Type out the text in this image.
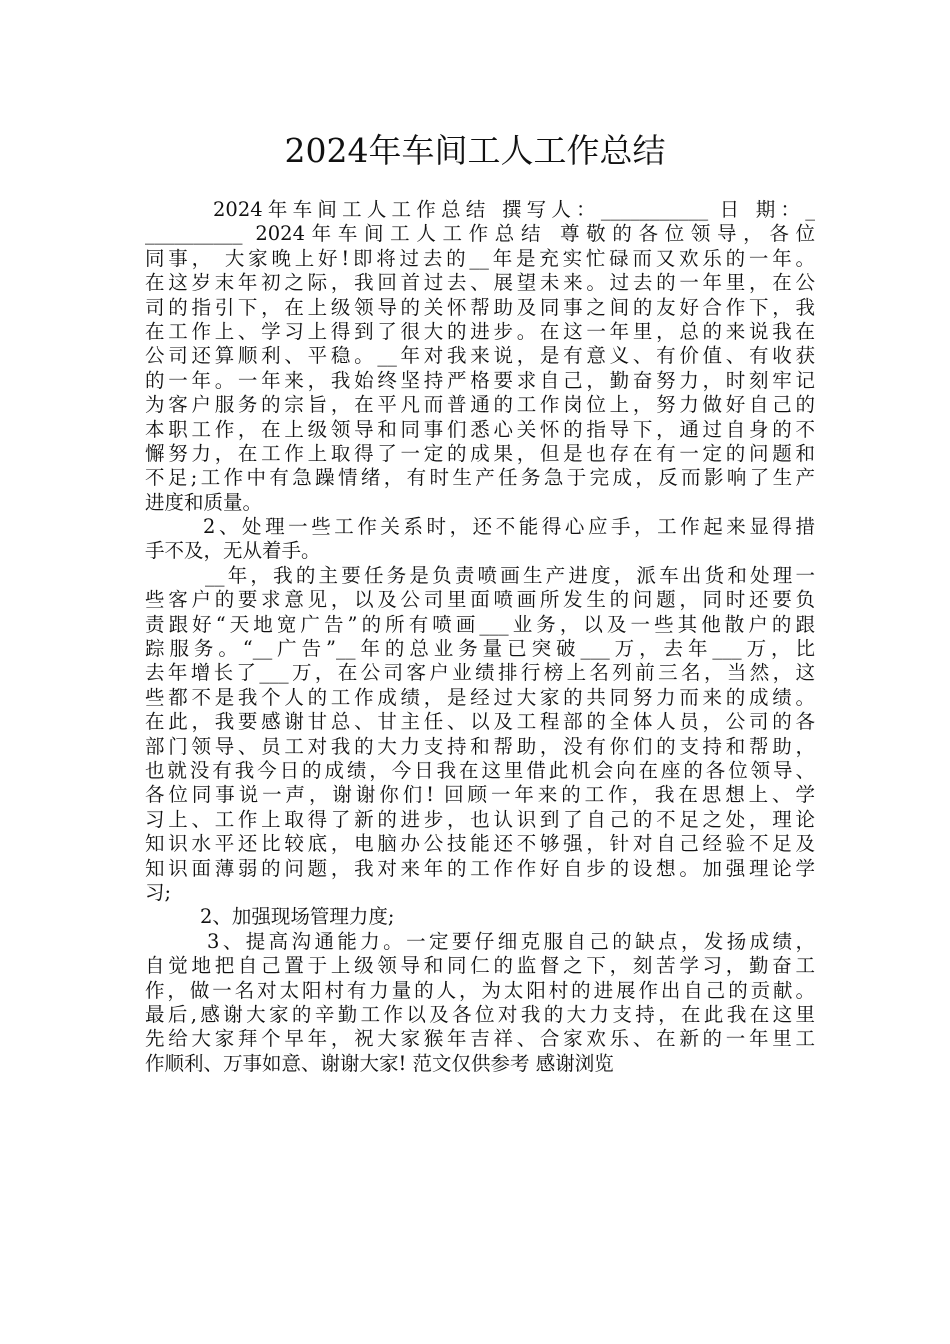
2024年车间工人工作总结
2024年车间工人工作总结 撰写人：___________ 日 期：_
__________ 2024年车间工人工作总结 尊敬的各位领导，各位
同事， 大家晚上好!即将过去的__年是充实忙碌而又欢乐的一年。
在这岁末年初之际，我回首过去、展望未来。过去的一年里，在公
司的指引下，在上级领导的关怀帮助及同事之间的友好合作下，我
在工作上、学习上得到了很大的进步。在这一年里，总的来说我在
公司还算顺利、平稳。__年对我来说，是有意义、有价值、有收获
的一年。一年来，我始终坚持严格要求自己，勤奋努力，时刻牢记
为客户服务的宗旨，在平凡而普通的工作岗位上，努力做好自己的
本职工作，在上级领导和同事们悉心关怀的指导下，通过自身的不
懈努力，在工作上取得了一定的成果，但是也存在有一定的问题和
不足;工作中有急躁情绪，有时生产任务急于完成，反而影响了生产
进度和质量。
2、处理一些工作关系时，还不能得心应手，工作起来显得措
手不及，无从着手。
__年，我的主要任务是负责喷画生产进度，派车出货和处理一
些客户的要求意见，以及公司里面喷画所发生的问题，同时还要负
责跟好“天地宽广告”的所有喷画___业务，以及一些其他散户的跟
踪服务。“__广告”__年的总业务量已突破___万，去年___万，比
去年增长了___万，在公司客户业绩排行榜上名列前三名，当然，这
些都不是我个人的工作成绩，是经过大家的共同努力而来的成绩。
在此，我要感谢甘总、甘主任、以及工程部的全体人员，公司的各
部门领导、员工对我的大力支持和帮助，没有你们的支持和帮助，
也就没有我今日的成绩，今日我在这里借此机会向在座的各位领导、
各位同事说一声，谢谢你们! 回顾一年来的工作，我在思想上、学
习上、工作上取得了新的进步，也认识到了自己的不足之处，理论
知识水平还比较底，电脑办公技能还不够强，针对自己经验不足及
知识面薄弱的问题，我对来年的工作作好自步的设想。加强理论学
习;
2、加强现场管理力度;
3、提高沟通能力。一定要仔细克服自己的缺点，发扬成绩，
自觉地把自己置于上级领导和同仁的监督之下，刻苦学习，勤奋工
作，做一名对太阳村有力量的人，为太阳村的进展作出自己的贡献。
最后,感谢大家的辛勤工作以及各位对我的大力支持，在此我在这里
先给大家拜个早年，祝大家猴年吉祥、合家欢乐、在新的一年里工
作顺利、万事如意、谢谢大家! 范文仅供参考 感谢浏览
